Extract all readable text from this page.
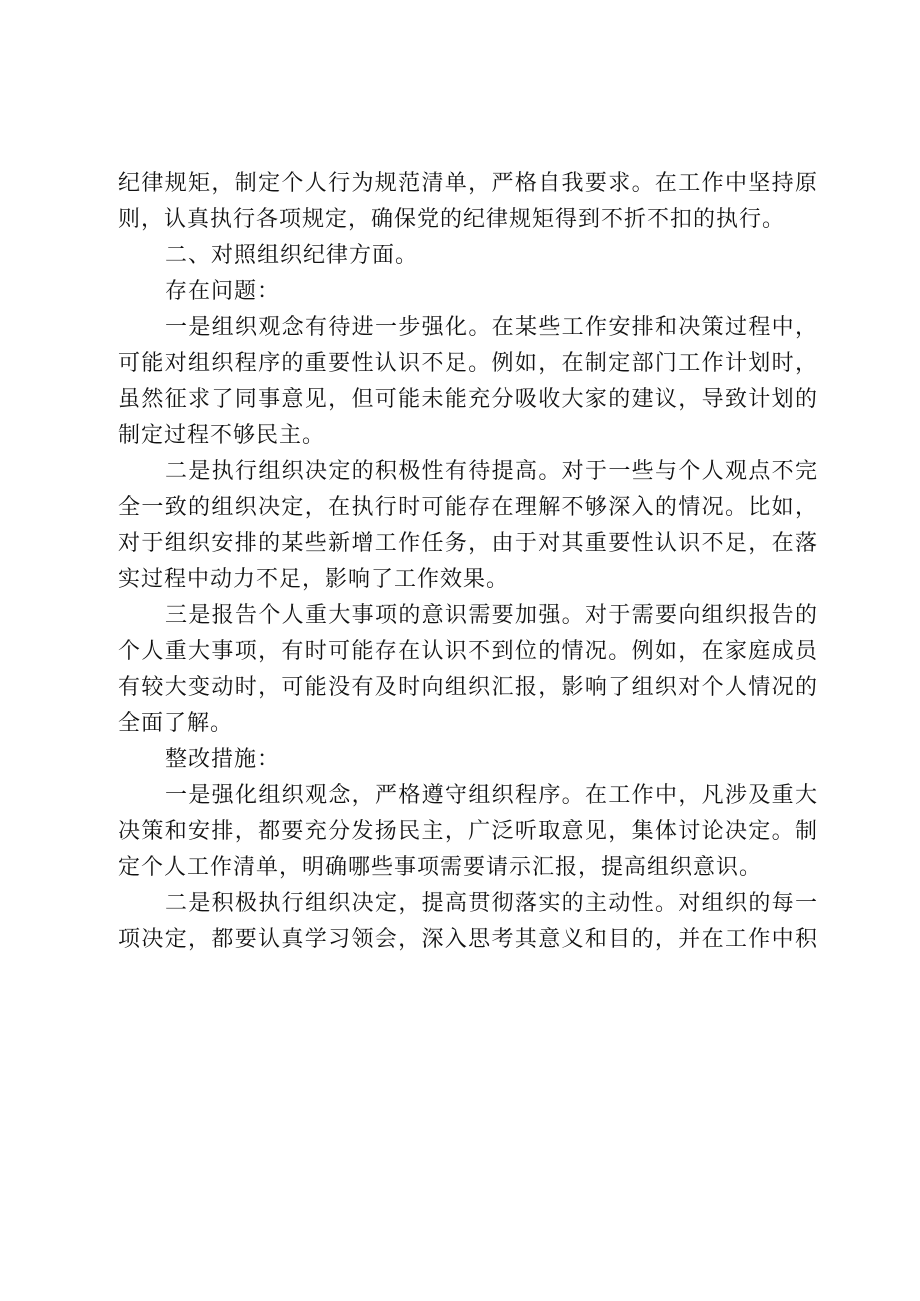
纪律规矩，制定个人行为规范清单，严格自我要求。在工作中坚持原
则，认真执行各项规定，确保党的纪律规矩得到不折不扣的执行。
二、对照组织纪律方面。
存在问题：
一是组织观念有待进一步强化。在某些工作安排和决策过程中，
可能对组织程序的重要性认识不足。例如，在制定部门工作计划时，
虽然征求了同事意见，但可能未能充分吸收大家的建议，导致计划的
制定过程不够民主。
二是执行组织决定的积极性有待提高。对于一些与个人观点不完
全一致的组织决定，在执行时可能存在理解不够深入的情况。比如，
对于组织安排的某些新增工作任务，由于对其重要性认识不足，在落
实过程中动力不足，影响了工作效果。
三是报告个人重大事项的意识需要加强。对于需要向组织报告的
个人重大事项，有时可能存在认识不到位的情况。例如，在家庭成员
有较大变动时，可能没有及时向组织汇报，影响了组织对个人情况的
全面了解。
整改措施：
一是强化组织观念，严格遵守组织程序。在工作中，凡涉及重大
决策和安排，都要充分发扬民主，广泛听取意见，集体讨论决定。制
定个人工作清单，明确哪些事项需要请示汇报，提高组织意识。
二是积极执行组织决定，提高贯彻落实的主动性。对组织的每一
项决定，都要认真学习领会，深入思考其意义和目的，并在工作中积
